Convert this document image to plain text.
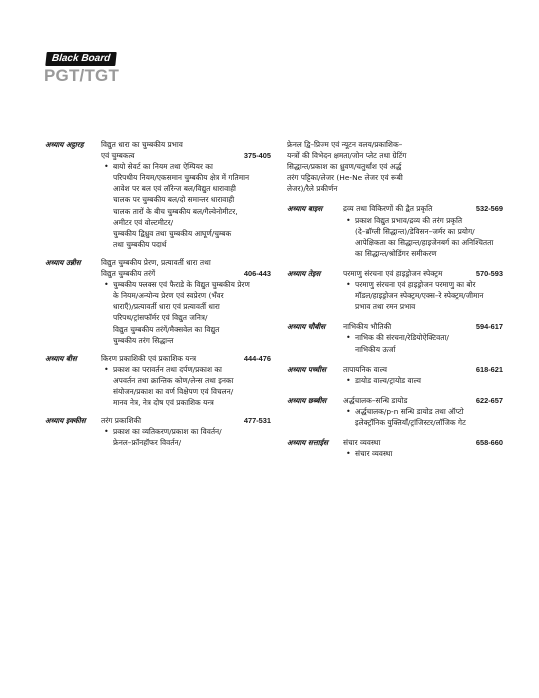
Black Board
PGT/TGT
अध्याय अट्ठारह विद्युत धारा का चुम्बकीय प्रभाव
एवं चुम्बकत्व	375-405
• बायो सेवर्ट का नियम तथा ऐम्पियर का
परिपथीय नियम/एकसमान चुम्बकीय क्षेत्र में गतिमान
आवेश पर बल एवं लॉरेन्ज बल/विद्युत धारावाही
चालक पर चुम्बकीय बल/दो समान्तर धारावाही
चालक तारों के बीच चुम्बकीय बल/गैल्वेनोमीटर,
अमीटर एवं वोल्टमीटर/
चुम्बकीय द्विध्रुव तथा चुम्बकीय आघूर्ण/चुम्बक
तथा चुम्बकीय पदार्थ
अध्याय उन्नीस	विद्युत चुम्बकीय प्रेरण, प्रत्यावर्ती धारा तथा
विद्युत चुम्बकीय तरंगें	406-443
• चुम्बकीय फ्लक्स एवं फैराडे के विद्युत चुम्बकीय प्रेरण
के नियम/अन्योन्य प्रेरण एवं स्वप्रेरण (भँवर
धाराएँ)/प्रत्यावर्ती धारा एवं प्रत्यावर्ती धारा
परिपथ/ट्रांसफॉर्मर एवं विद्युत जनित्र/
विद्युत चुम्बकीय तरंगें/मैक्सवेल का विद्युत
चुम्बकीय तरंग सिद्धान्त
अध्याय बीस	किरण प्रकाशिकी एवं प्रकाशिक यन्त्र	444-476
• प्रकाश का परावर्तन तथा दर्पण/प्रकाश का
अपवर्तन तथा क्रान्तिक कोण/लेन्स तथा इनका
संयोजन/प्रकाश का वर्ण विक्षेपण एवं विचलन/
मानव नेत्र, नेत्र दोष एवं प्रकाशिक यन्त्र
अध्याय इक्कीस तरंग प्रकाशिकी	477-531
• प्रकाश का व्यतिकरण/प्रकाश का विवर्तन/
फ्रेनल–फ्रॉनहॉफर विवर्तन/
फ्रेनल द्वि–प्रिज्म एवं न्यूटन वलय/प्रकाशिक–
यन्त्रों की विभेदन क्षमता/जोन प्लेट तथा ग्रेटिंग
सिद्धान्त/प्रकाश का ध्रुवण/चतुर्थांश एवं अर्द्ध
तरंग पट्टिका/लेजर (He-Ne लेजर एवं रूबी
लेजर)/रैले प्रकीर्णन
अध्याय बाइस	द्रव्य तथा विकिरणों की द्वैत प्रकृति	532-569
• प्रकाश विद्युत प्रभाव/द्रव्य की तरंग प्रकृति
(दे–ब्रॉग्ली सिद्धान्त)/डेविसन–जर्मर का प्रयोग/
आपेक्षिकता का सिद्धान्त/हाइजेनबर्ग का अनिश्चितता
का सिद्धान्त/श्रोडिंगर समीकरण
अध्याय तेइस	परमाणु संरचना एवं हाइड्रोजन स्पेक्ट्रम	570-593
• परमाणु संरचना एवं हाइड्रोजन परमाणु का बोर
मॉडल/हाइड्रोजन स्पेक्ट्रम/एक्स–रे स्पेक्ट्रम/जीमान
प्रभाव तथा रमन प्रभाव
अध्याय चौबीस नाभिकीय भौतिकी	594-617
• नाभिक की संरचना/रेडियोऐक्टिवता/
नाभिकीय ऊर्जा
अध्याय पच्चीस तापायनिक वाल्व	618-621
• डायोड वाल्व/ट्रायोड वाल्व
अध्याय छब्बीस अर्द्धचालक–सन्धि डायोड	622-657
• अर्द्धचालक/p-n सन्धि डायोड तथा ऑप्टो
इलेक्ट्रॉनिक युक्तियाँ/ट्रांजिस्टर/लॉजिक गेट
अध्याय सत्ताईस संचार व्यवस्था	658-660
• संचार व्यवस्था
